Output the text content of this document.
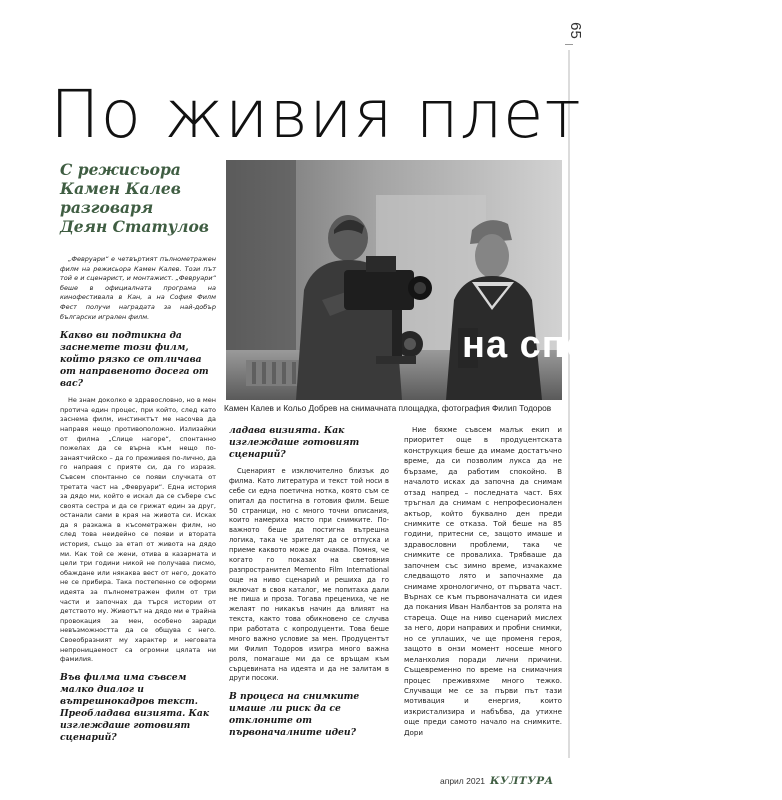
65
По живия плет
на спомените
Камен Калев и Кольо Добрев на снимачната площадка, фотография Филип Тодоров
С режисьора
Камен Калев
разговаря
Деян Статулов
„Февруари“ е четвъртият пълнометражен филм на режисьора Камен Калев. Този път той е и сценарист, и монтажист. „Февруари“ беше в официалната програма на кинофестивала в Кан, а на София Филм Фест получи наградата за най-добър български игрален филм.
Какво ви подтикна да заснемете този филм, който рязко се отличава от направеното досега от вас?
Не знам доколко е здравословно, но в мен протича един процес, при който, след като заснема филм, инстинктът ме насочва да направя нещо противоположно. Излизайки от филма „Слице нагоре“, спонтанно пожелах да се върна към нещо по-занаятчийско – да го преживея по-лично, да го направя с прияте си, да го изразя. Съвсем спонтанно се появи случката от третата част на „Февруари“. Една история за дядо ми, който е искал да се събере със своята сестра и да се грижат един за друг, останали сами в края на живота си. Исках да я разкажа в късометражен филм, но след това неидейно се появи и втората история, също за етап от живота на дядо ми. Как той се жени, отива в казармата и цели три години никой не получава писмо, обаждане или някаква вест от него, докато не се прибира. Така постепенно се оформи идеята за пълнометражен филм от три части и започнах да търся истории от детството му. Животът на дядо ми е трайна провокация за мен, особено заради невъзможността да се общува с него. Своеобразният му характер и неговата непроницаемост са огромни цялата ни фамилия.
Във филма има съвсем малко диалог и вътрешнокадров текст. Преобладава визията. Как изглеждаше готовият сценарий?
ладава визията. Как изглеждаше готовият сценарий?
Сценарият е изключително близък до филма. Като литература и текст той носи в себе си една поетична нотка, която съм се опитал да постигна в готовия филм. Беше 50 страници, но с много точни описания, които намериха място при снимките. По-важното беше да постигна вътрешна логика, така че зрителят да се отпуска и приеме каквото може да очаква. Помня, че когато го показах на световния разпространител Memento Film International още на ниво сценарий и решиха да го включат в своя каталог, ме попитаха дали не пиша и проза. Тогава преценихa, че не желаят по никакъв начин да влияят на текста, както това обикновено се случва при работата с копродуценти. Това беше много важно условие за мен. Продуцентът ми Филип Тодоров изигра много важна роля, помагаше ми да се връщам към сърцевината на идеята и да не залитам в други посоки.
В процеса на снимките имаше ли риск да се отклоните от първоначалните идеи?
Ние бяхме съвсем малък екип и приоритет още в продуцентската конструкция беше да имаме достатъчно време, да си позволим лукса да не бързаме, да работим спокойно. В началото исках да започна да снимам отзад напред – последната част. Бях тръгнал да снимам с непрофесионален актьор, който буквално ден преди снимките се отказа. Той беше на 85 години, притесни се, защото имаше и здравословни проблеми, така че снимките се провалиха. Трябваше да започнем със зимно време, изчакахме следващото лято и започнахме да снимаме хронологично, от първата част. Върнах се към първоначалната си идея да покания Иван Налбантов за ролята на стареца. Още на ниво сценарий мислех за него, дори направих и пробни снимки, но се уплаших, че ще променя героя, защото в онзи момент носеше много меланхолия поради лични причини. Същевременно по време на снимачния процес преживяхме много тежко. Случващи ме се за първи път тази мотивация и енергия, които изкристализира и набъбва, да утихне още преди самото начало на снимките. Дори
април 2021 КУЛТУРА
